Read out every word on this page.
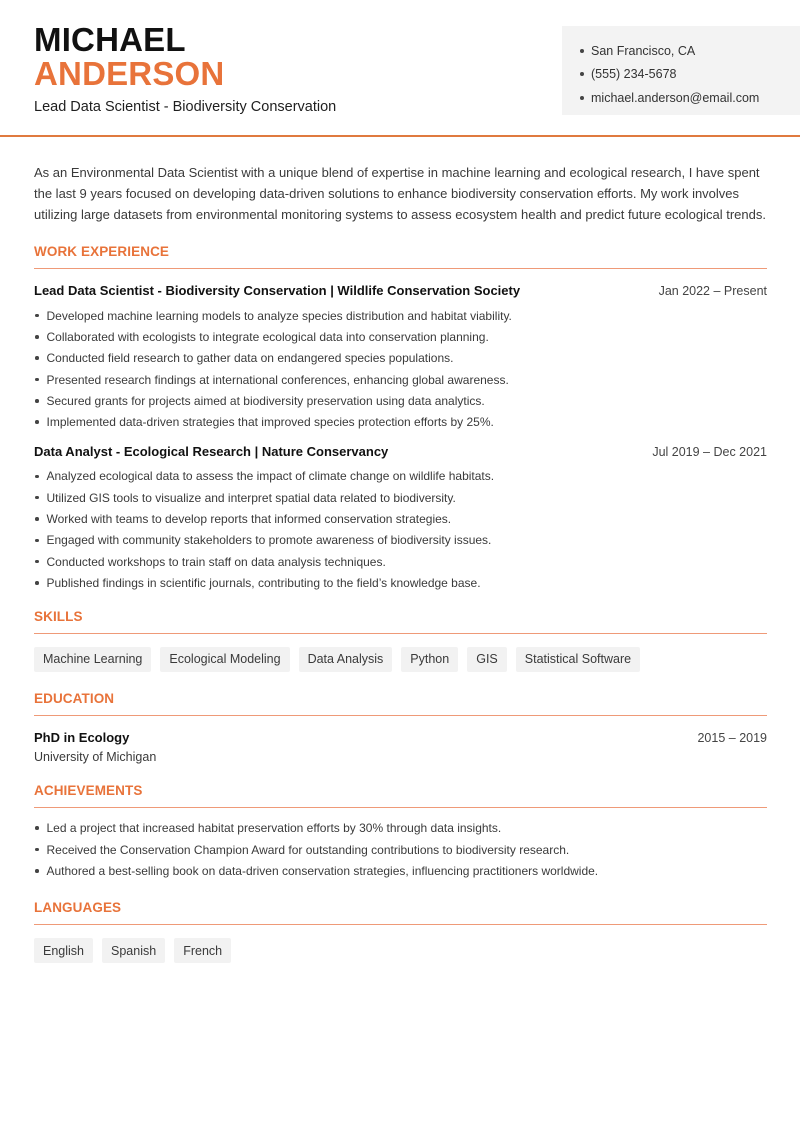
MICHAEL
ANDERSON
Lead Data Scientist - Biodiversity Conservation
San Francisco, CA
(555) 234-5678
michael.anderson@email.com

As an Environmental Data Scientist with a unique blend of expertise in machine learning and ecological research, I have spent the last 9 years focused on developing data-driven solutions to enhance biodiversity conservation efforts. My work involves utilizing large datasets from environmental monitoring systems to assess ecosystem health and predict future ecological trends.

WORK EXPERIENCE
Lead Data Scientist - Biodiversity Conservation | Wildlife Conservation Society	Jan 2022 – Present
Developed machine learning models to analyze species distribution and habitat viability.
Collaborated with ecologists to integrate ecological data into conservation planning.
Conducted field research to gather data on endangered species populations.
Presented research findings at international conferences, enhancing global awareness.
Secured grants for projects aimed at biodiversity preservation using data analytics.
Implemented data-driven strategies that improved species protection efforts by 25%.
Data Analyst - Ecological Research | Nature Conservancy	Jul 2019 – Dec 2021
Analyzed ecological data to assess the impact of climate change on wildlife habitats.
Utilized GIS tools to visualize and interpret spatial data related to biodiversity.
Worked with teams to develop reports that informed conservation strategies.
Engaged with community stakeholders to promote awareness of biodiversity issues.
Conducted workshops to train staff on data analysis techniques.
Published findings in scientific journals, contributing to the field’s knowledge base.
SKILLS
Machine Learning	Ecological Modeling	Data Analysis	Python	GIS	Statistical Software
EDUCATION
PhD in Ecology	2015 – 2019
University of Michigan
ACHIEVEMENTS
Led a project that increased habitat preservation efforts by 30% through data insights.
Received the Conservation Champion Award for outstanding contributions to biodiversity research.
Authored a best-selling book on data-driven conservation strategies, influencing practitioners worldwide.
LANGUAGES
English	Spanish	French
